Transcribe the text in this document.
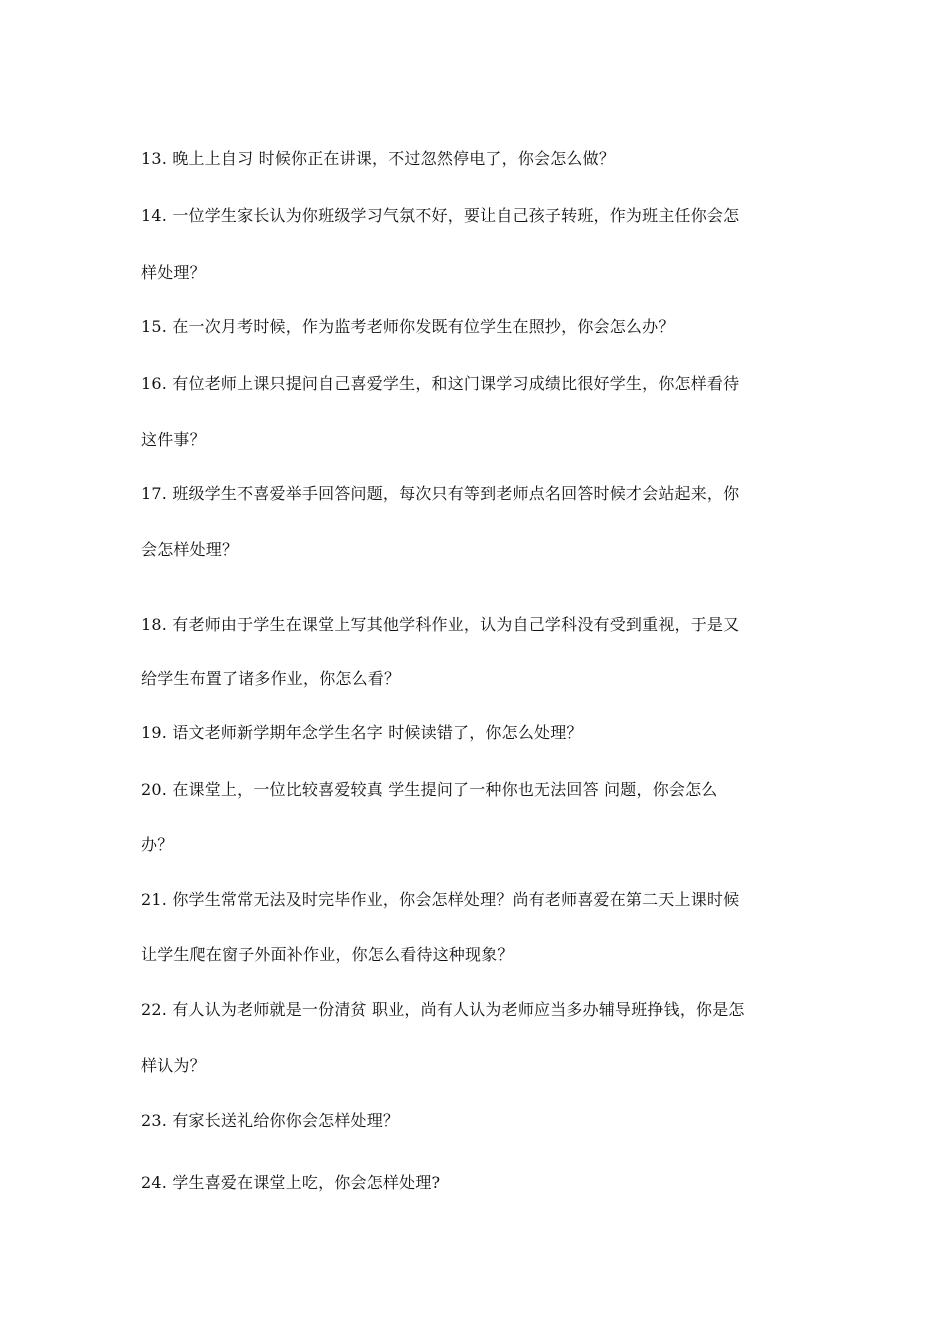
13. 晚上上自习 时候你正在讲课，不过忽然停电了，你会怎么做？
14. 一位学生家长认为你班级学习气氛不好，要让自己孩子转班，作为班主任你会怎
样处理？
15. 在一次月考时候，作为监考老师你发既有位学生在照抄，你会怎么办？
16. 有位老师上课只提问自己喜爱学生，和这门课学习成绩比很好学生，你怎样看待
这件事？
17. 班级学生不喜爱举手回答问题，每次只有等到老师点名回答时候才会站起来，你
会怎样处理？
18. 有老师由于学生在课堂上写其他学科作业，认为自己学科没有受到重视，于是又
给学生布置了诸多作业，你怎么看？
19. 语文老师新学期年念学生名字 时候读错了，你怎么处理？
20. 在课堂上，一位比较喜爱较真 学生提问了一种你也无法回答 问题，你会怎么
办？
21. 你学生常常无法及时完毕作业，你会怎样处理？尚有老师喜爱在第二天上课时候
让学生爬在窗子外面补作业，你怎么看待这种现象？
22. 有人认为老师就是一份清贫 职业，尚有人认为老师应当多办辅导班挣钱，你是怎
样认为？
23. 有家长送礼给你你会怎样处理？
24. 学生喜爱在课堂上吃，你会怎样处理?
